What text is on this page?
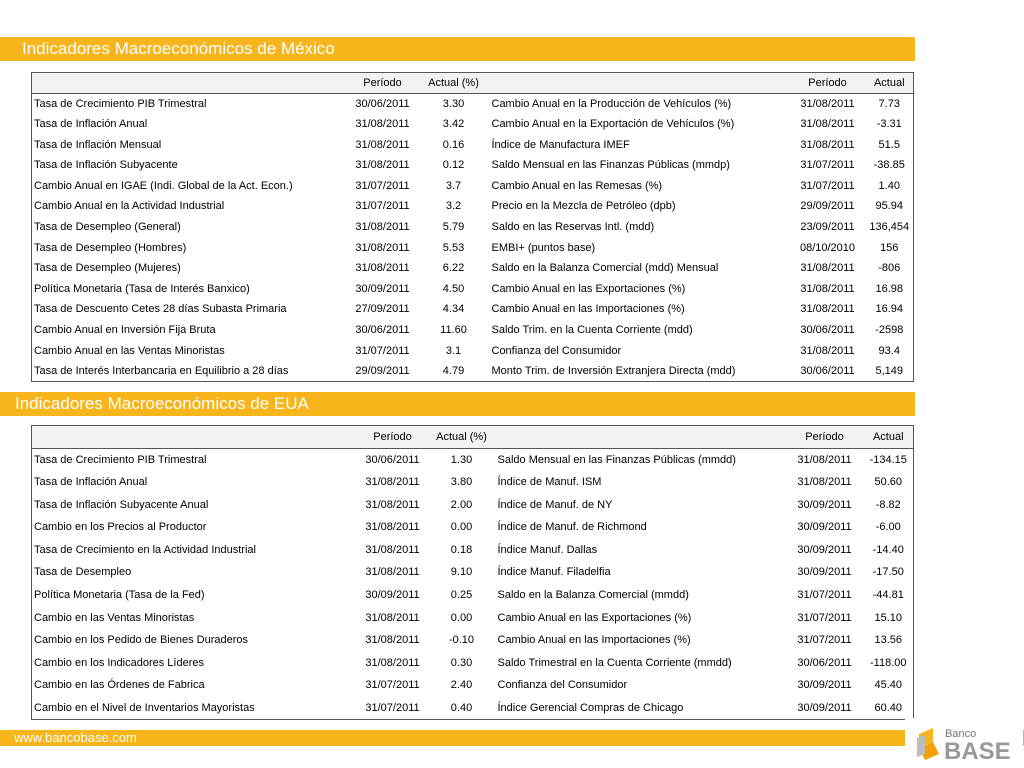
Indicadores Macroeconómicos de México
	Período	Actual (%)		Período	Actual
Tasa de Crecimiento PIB Trimestral	30/06/2011	3.30	Cambio Anual en la Producción de Vehículos (%)	31/08/2011	7.73
Tasa de Inflación Anual	31/08/2011	3.42	Cambio Anual en la Exportación de Vehículos (%)	31/08/2011	-3.31
Tasa de Inflación Mensual	31/08/2011	0.16	Índice de Manufactura IMEF	31/08/2011	51.5
Tasa de Inflación Subyacente	31/08/2011	0.12	Saldo Mensual en las Finanzas Públicas (mmdp)	31/07/2011	-38.85
Cambio Anual en IGAE (Indi. Global de la Act. Econ.)	31/07/2011	3.7	Cambio Anual en las Remesas (%)	31/07/2011	1.40
Cambio Anual en la Actividad Industrial	31/07/2011	3.2	Precio en la Mezcla de Petróleo (dpb)	29/09/2011	95.94
Tasa de Desempleo (General)	31/08/2011	5.79	Saldo en las Reservas Intl. (mdd)	23/09/2011	136,454
Tasa de Desempleo (Hombres)	31/08/2011	5.53	EMBI+ (puntos base)	08/10/2010	156
Tasa de Desempleo (Mujeres)	31/08/2011	6.22	Saldo en la Balanza Comercial (mdd) Mensual	31/08/2011	-806
Política Monetaria (Tasa de Interés Banxico)	30/09/2011	4.50	Cambio Anual en las Exportaciones (%)	31/08/2011	16.98
Tasa de Descuento Cetes 28 días Subasta Primaria	27/09/2011	4.34	Cambio Anual en las Importaciones (%)	31/08/2011	16.94
Cambio Anual en Inversión Fija Bruta	30/06/2011	11.60	Saldo Trim. en la Cuenta Corriente (mdd)	30/06/2011	-2598
Cambio Anual en las Ventas Minoristas	31/07/2011	3.1	Confianza del Consumidor	31/08/2011	93.4
Tasa de Interés Interbancaria en Equilibrio a 28 días	29/09/2011	4.79	Monto Trim. de Inversión Extranjera Directa (mdd)	30/06/2011	5,149
Indicadores Macroeconómicos de EUA
	Período	Actual (%)		Período	Actual
Tasa de Crecimiento PIB Trimestral	30/06/2011	1.30	Saldo Mensual en las Finanzas Públicas (mmdd)	31/08/2011	-134.15
Tasa de Inflación Anual	31/08/2011	3.80	Índice de Manuf. ISM	31/08/2011	50.60
Tasa de Inflación Subyacente Anual	31/08/2011	2.00	Índice de Manuf. de NY	30/09/2011	-8.82
Cambio en los Precios al Productor	31/08/2011	0.00	Índice de Manuf. de Richmond	30/09/2011	-6.00
Tasa de Crecimiento en la Actividad Industrial	31/08/2011	0.18	Índice Manuf. Dallas	30/09/2011	-14.40
Tasa de Desempleo	31/08/2011	9.10	Índice Manuf. Filadelfia	30/09/2011	-17.50
Política Monetaria (Tasa de la Fed)	30/09/2011	0.25	Saldo en la Balanza Comercial (mmdd)	31/07/2011	-44.81
Cambio en las Ventas Minoristas	31/08/2011	0.00	Cambio Anual en las Exportaciones (%)	31/07/2011	15.10
Cambio en los Pedido de Bienes Duraderos	31/08/2011	-0.10	Cambio Anual en las Importaciones (%)	31/07/2011	13.56
Cambio en los Indicadores Líderes	31/08/2011	0.30	Saldo Trimestral en la Cuenta Corriente (mmdd)	30/06/2011	-118.00
Cambio en las Órdenes de Fabrica	31/07/2011	2.40	Confianza del Consumidor	30/09/2011	45.40
Cambio en el Nivel de Inventarios Mayoristas	31/07/2011	0.40	Índice Gerencial Compras de Chicago	30/09/2011	60.40
www.bancobase.com	Banco
BASE
